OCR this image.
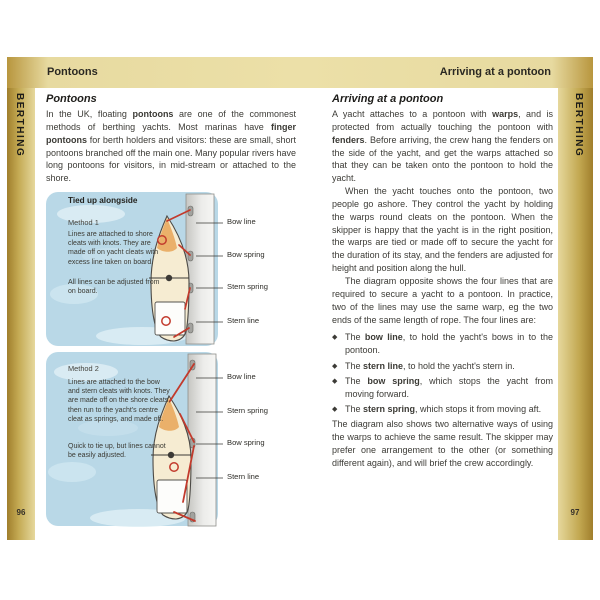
Pontoons	Arriving at a pontoon
BERTHING	BERTHING
96	97
Pontoons

In the UK, floating pontoons are one of the commonest methods of berthing yachts. Most marinas have finger pontoons for berth holders and visitors: these are small, short pontoons branched off the main one. Many popular rivers have long pontoons for visitors, in mid-stream or attached to the shore.

Tied up alongside
Method 1
Lines are attached to shore cleats with knots. They are made off on yacht cleats with excess line taken on board.
All lines can be adjusted from on board.
Bow line
Bow spring
Stern spring
Stern line
Method 2
Lines are attached to the bow and stern cleats with knots. They are made off on the shore cleats, then run to the yacht's centre cleat as springs, and made off.
Quick to tie up, but lines cannot be easily adjusted.
Bow line
Stern spring
Bow spring
Stern line
Arriving at a pontoon

A yacht attaches to a pontoon with warps, and is protected from actually touching the pontoon with fenders. Before arriving, the crew hang the fenders on the side of the yacht, and get the warps attached so that they can be taken onto the pontoon to hold the yacht.

When the yacht touches onto the pontoon, two people go ashore. They control the yacht by holding the warps round cleats on the pontoon. When the skipper is happy that the yacht is in the right position, the warps are tied or made off to secure the yacht for the duration of its stay, and the fenders are adjusted for height and position along the hull.

The diagram opposite shows the four lines that are required to secure a yacht to a pontoon. In practice, two of the lines may use the same warp, eg the two ends of the same length of rope. The four lines are:

◆ The bow line, to hold the yacht's bows in to the pontoon.
◆ The stern line, to hold the yacht's stern in.
◆ The bow spring, which stops the yacht from moving forward.
◆ The stern spring, which stops it from moving aft.

The diagram also shows two alternative ways of using the warps to achieve the same result. The skipper may prefer one arrangement to the other (or something different again), and will brief the crew accordingly.
